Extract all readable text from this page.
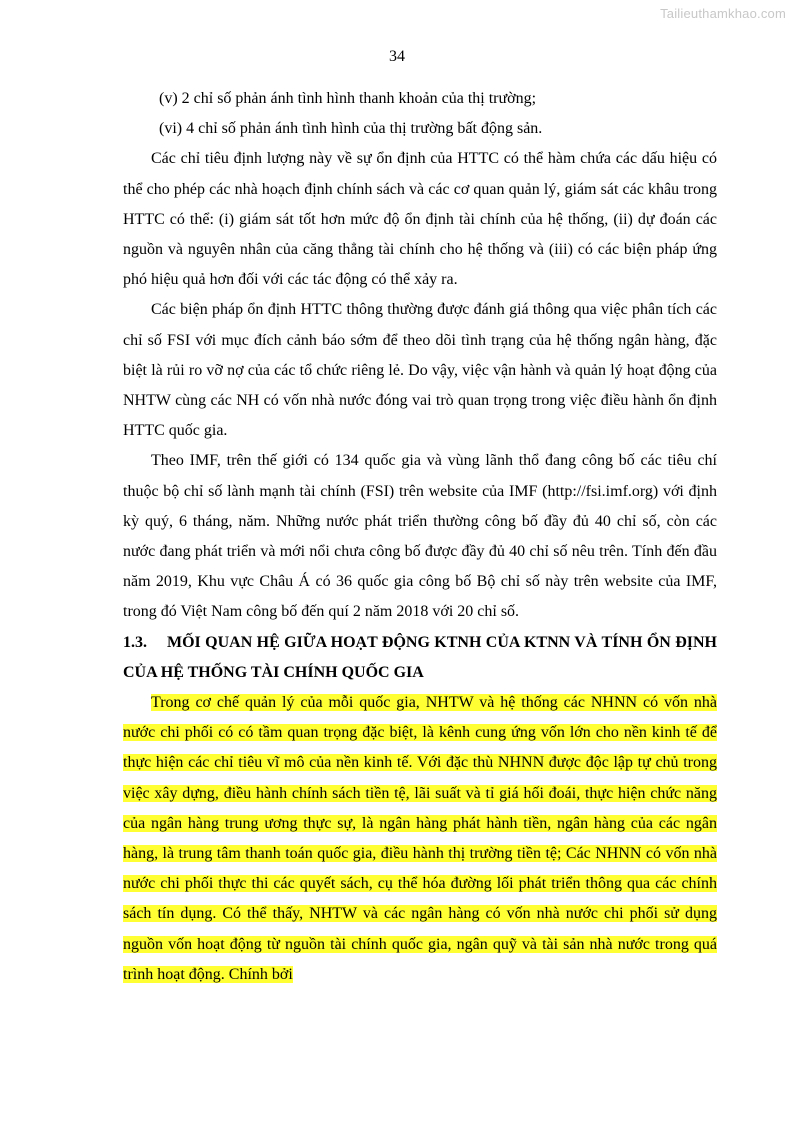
Tailieuthamkhao.com
34
(v) 2 chỉ số phản ánh tình hình thanh khoản của thị trường;
(vi) 4 chỉ số phản ánh tình hình của thị trường bất động sản.

Các chỉ tiêu định lượng này về sự ổn định của HTTC có thể hàm chứa các dấu hiệu có thể cho phép các nhà hoạch định chính sách và các cơ quan quản lý, giám sát các khâu trong HTTC có thể: (i) giám sát tốt hơn mức độ ổn định tài chính của hệ thống, (ii) dự đoán các nguồn và nguyên nhân của căng thẳng tài chính cho hệ thống và (iii) có các biện pháp ứng phó hiệu quả hơn đối với các tác động có thể xảy ra.

Các biện pháp ổn định HTTC thông thường được đánh giá thông qua việc phân tích các chỉ số FSI với mục đích cảnh báo sớm để theo dõi tình trạng của hệ thống ngân hàng, đặc biệt là rủi ro vỡ nợ của các tổ chức riêng lẻ. Do vậy, việc vận hành và quản lý hoạt động của NHTW cùng các NH có vốn nhà nước đóng vai trò quan trọng trong việc điều hành ổn định HTTC quốc gia.

Theo IMF, trên thế giới có 134 quốc gia và vùng lãnh thổ đang công bố các tiêu chí thuộc bộ chỉ số lành mạnh tài chính (FSI) trên website của IMF (http://fsi.imf.org) với định kỳ quý, 6 tháng, năm. Những nước phát triển thường công bố đầy đủ 40 chỉ số, còn các nước đang phát triển và mới nổi chưa công bố được đầy đủ 40 chỉ số nêu trên. Tính đến đầu năm 2019, Khu vực Châu Á có 36 quốc gia công bố Bộ chỉ số này trên website của IMF, trong đó Việt Nam công bố đến quí 2 năm 2018 với 20 chỉ số.

1.3. MỐI QUAN HỆ GIỮA HOẠT ĐỘNG KTNH CỦA KTNN VÀ TÍNH ỔN ĐỊNH CỦA HỆ THỐNG TÀI CHÍNH QUỐC GIA

Trong cơ chế quản lý của mỗi quốc gia, NHTW và hệ thống các NHNN có vốn nhà nước chi phối có có tầm quan trọng đặc biệt, là kênh cung ứng vốn lớn cho nền kinh tế để thực hiện các chỉ tiêu vĩ mô của nền kinh tế. Với đặc thù NHNN được độc lập tự chủ trong việc xây dựng, điều hành chính sách tiền tệ, lãi suất và tỉ giá hối đoái, thực hiện chức năng của ngân hàng trung ương thực sự, là ngân hàng phát hành tiền, ngân hàng của các ngân hàng, là trung tâm thanh toán quốc gia, điều hành thị trường tiền tệ; Các NHNN có vốn nhà nước chi phối thực thi các quyết sách, cụ thể hóa đường lối phát triển thông qua các chính sách tín dụng. Có thể thấy, NHTW và các ngân hàng có vốn nhà nước chi phối sử dụng nguồn vốn hoạt động từ nguồn tài chính quốc gia, ngân quỹ và tài sản nhà nước trong quá trình hoạt động. Chính bởi
